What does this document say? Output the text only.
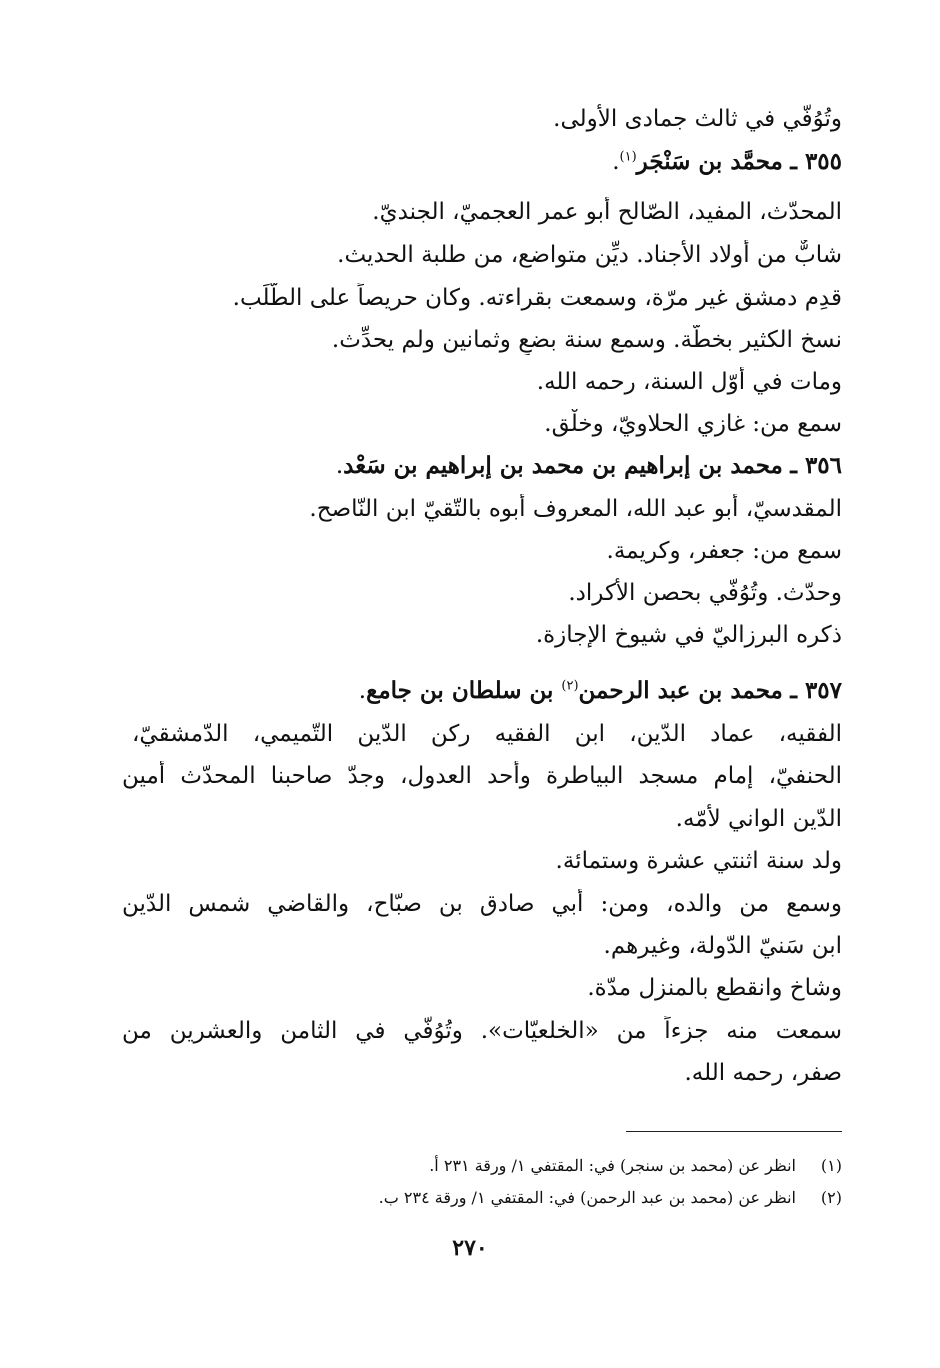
وتُوُفّي في ثالث جمادى الأولى.
٣٥٥ ـ محمَّد بن سَنْجَر$^{(١)}$.
المحدّث، المفيد، الصّالح أبو عمر العجميّ، الجنديّ.
شابٌّ من أولاد الأجناد. ديِّن متواضع، من طلبة الحديث.
قدِم دمشق غير مرّة، وسمعت بقراءته. وكان حريصاً على الطَّلَب.
نسخ الكثير بخطّة. وسمع سنة بضعٍ وثمانين ولم يحدِّث.
ومات في أوّل السنة، رحمه الله.
سمع من: غازي الحلاويّ، وخلْق.
٣٥٦ ـ محمد بن إبراهيم بن محمد بن إبراهيم بن سَعْد.
المقدسيّ، أبو عبد الله، المعروف أبوه بالتّقيّ ابن النّاصح.
سمع من: جعفر، وكريمة.
وحدّث. وتُوُفّي بحصن الأكراد.
ذكره البرزاليّ في شيوخ الإجازة.
٣٥٧ ـ محمد بن عبد الرحمن$^{(٢)}$ بن سلطان بن جامع.
الفقيه، عماد الدّين، ابن الفقيه ركن الدّين التّميمي، الدّمشقيّ،
الحنفيّ، إمام مسجد البياطرة وأحد العدول، وجدّ صاحبنا المحدّث أمين
الدّين الواني لأمّه.
ولد سنة اثنتي عشرة وستمائة.
وسمع من والده، ومن: أبي صادق بن صبّاح، والقاضي شمس الدّين
ابن سَنيّ الدّولة، وغيرهم.
وشاخ وانقطع بالمنزل مدّة.
سمعت منه جزءاً من «الخلعيّات». وتُوُفّي في الثامن والعشرين من
صفر، رحمه الله.
(١)انظر عن (محمد بن سنجر) في: المقتفي ١/ ورقة ٢٣١ أ.
(٢)انظر عن (محمد بن عبد الرحمن) في: المقتفي ١/ ورقة ٢٣٤ ب.
٢٧٠
